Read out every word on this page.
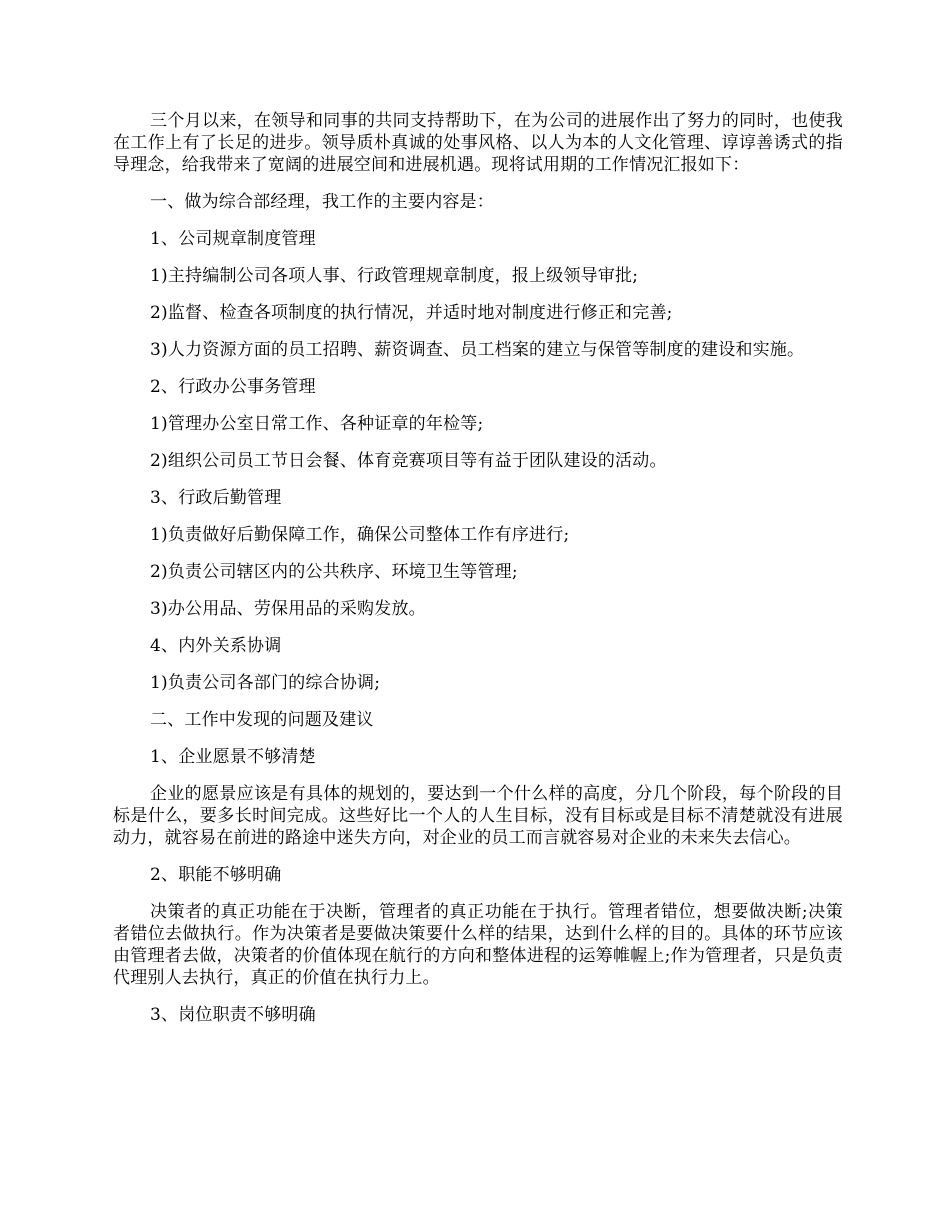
三个月以来，在领导和同事的共同支持帮助下，在为公司的进展作出了努力的同时，也使我在工作上有了长足的进步。领导质朴真诚的处事风格、以人为本的人文化管理、谆谆善诱式的指导理念，给我带来了宽阔的进展空间和进展机遇。现将试用期的工作情况汇报如下：

一、做为综合部经理，我工作的主要内容是：

1、公司规章制度管理

1)主持编制公司各项人事、行政管理规章制度，报上级领导审批;

2)监督、检查各项制度的执行情况，并适时地对制度进行修正和完善;

3)人力资源方面的员工招聘、薪资调查、员工档案的建立与保管等制度的建设和实施。

2、行政办公事务管理

1)管理办公室日常工作、各种证章的年检等;

2)组织公司员工节日会餐、体育竞赛项目等有益于团队建设的活动。

3、行政后勤管理

1)负责做好后勤保障工作，确保公司整体工作有序进行;

2)负责公司辖区内的公共秩序、环境卫生等管理;

3)办公用品、劳保用品的采购发放。

4、内外关系协调

1)负责公司各部门的综合协调;

二、工作中发现的问题及建议

1、企业愿景不够清楚

企业的愿景应该是有具体的规划的，要达到一个什么样的高度，分几个阶段，每个阶段的目标是什么，要多长时间完成。这些好比一个人的人生目标，没有目标或是目标不清楚就没有进展动力，就容易在前进的路途中迷失方向，对企业的员工而言就容易对企业的未来失去信心。

2、职能不够明确

决策者的真正功能在于决断，管理者的真正功能在于执行。管理者错位，想要做决断;决策者错位去做执行。作为决策者是要做决策要什么样的结果，达到什么样的目的。具体的环节应该由管理者去做，决策者的价值体现在航行的方向和整体进程的运筹帷幄上;作为管理者，只是负责代理别人去执行，真正的价值在执行力上。

3、岗位职责不够明确
